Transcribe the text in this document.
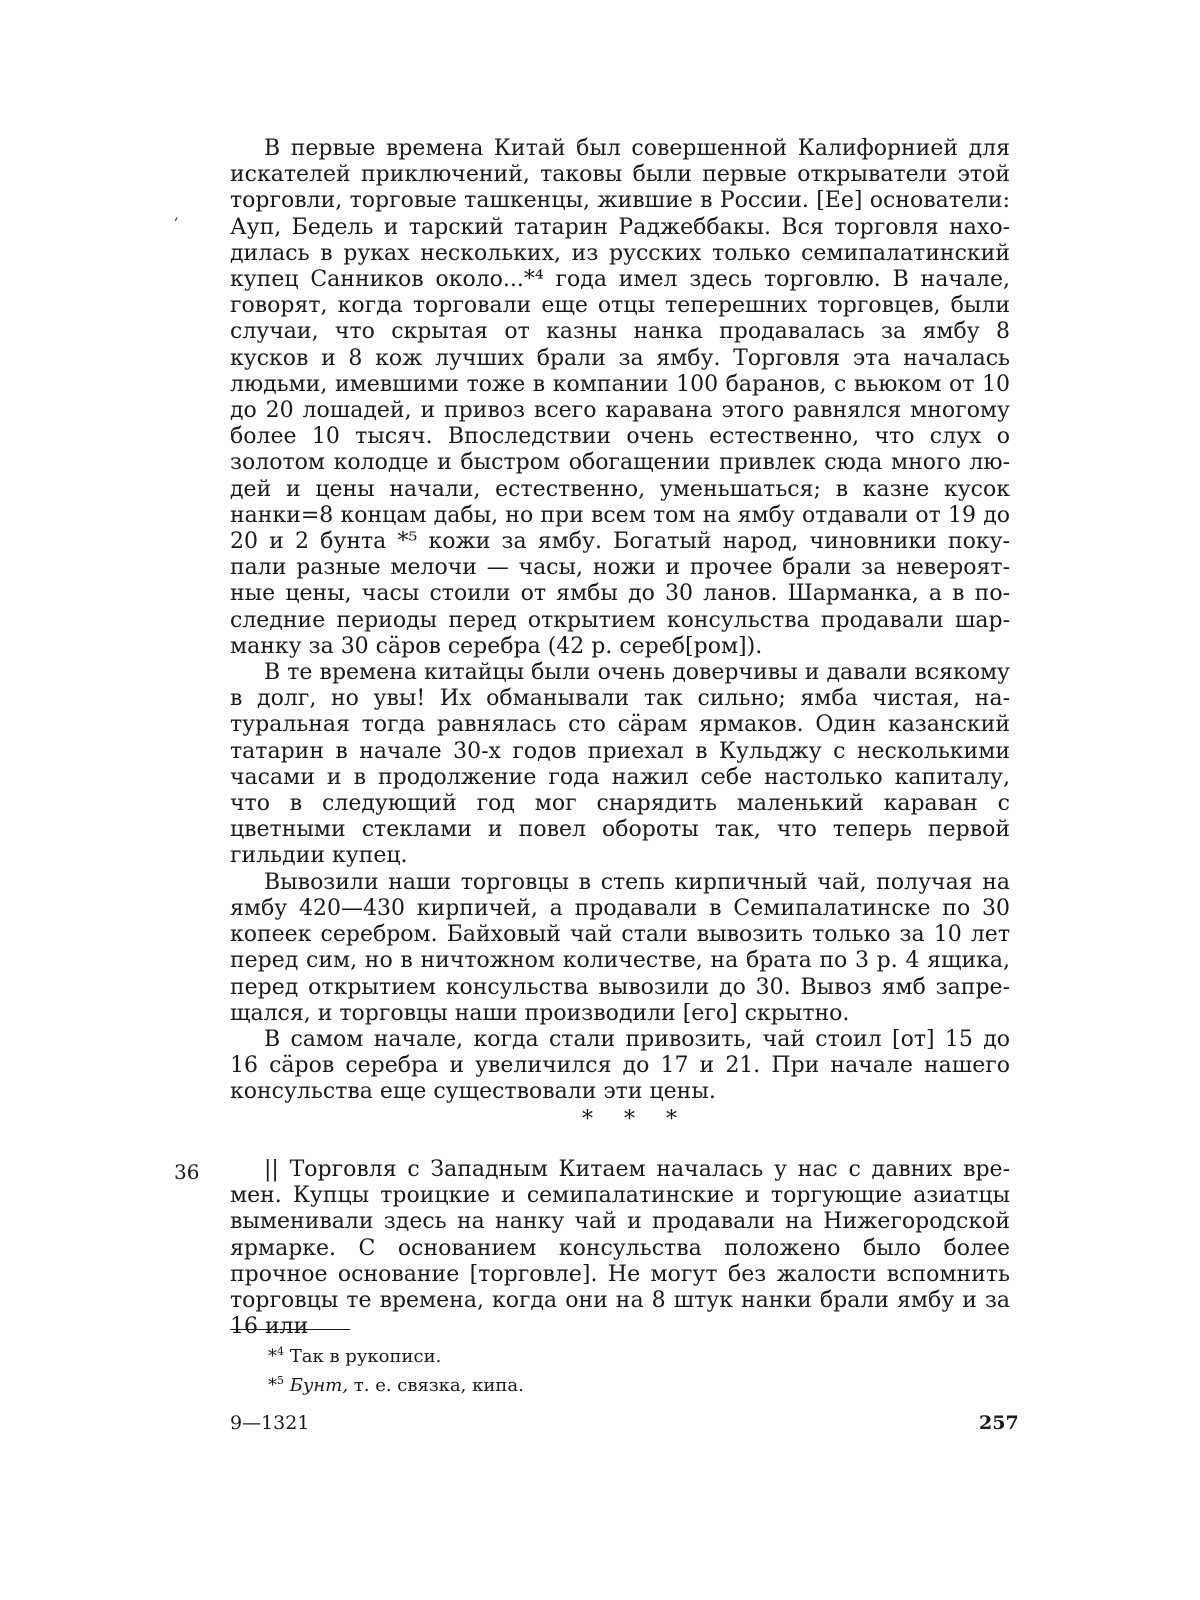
‚

В первые времена Китай был совершенной Калифорнией для искателей приключений, таковы были первые открыватели этой торговли, торговые ташкенцы, жившие в России. [Ее] основатели: Ауп, Бедель и тарский татарин Раджеббакы. Вся торговля находилась в руках нескольких, из русских только семипалатинский купец Санников около...*⁴ года имел здесь торговлю. В начале, говорят, когда торговали еще отцы теперешних торговцев, были случаи, что скрытая от казны нанка продавалась за ямбу 8 кусков и 8 кож лучших брали за ямбу. Торговля эта началась людьми, имевшими тоже в компании 100 баранов, с вьюком от 10 до 20 лошадей, и привоз всего каравана этого равнялся многому более 10 тысяч. Впоследствии очень естественно, что слух о золотом колодце и быстром обогащении привлек сюда много людей и цены начали, естественно, уменьшаться; в казне кусок нанки=8 концам дабы, но при всем том на ямбу отдавали от 19 до 20 и 2 бунта *⁵ кожи за ямбу. Богатый народ, чиновники покупали разные мелочи — часы, ножи и прочее брали за невероятные цены, часы стоили от ямбы до 30 ланов. Шарманка, а в последние периоды перед открытием консульства продавали шарманку за 30 сäров серебра (42 р. сереб[ром]).

В те времена китайцы были очень доверчивы и давали всякому в долг, но увы! Их обманывали так сильно; ямба чистая, натуральная тогда равнялась сто сäрам ярмаков. Один казанский татарин в начале 30-х годов приехал в Кульджу с несколькими часами и в продолжение года нажил себе настолько капиталу, что в следующий год мог снарядить маленький караван с цветными стеклами и повел обороты так, что теперь первой гильдии купец.

Вывозили наши торговцы в степь кирпичный чай, получая на ямбу 420—430 кирпичей, а продавали в Семипалатинске по 30 копеек серебром. Байховый чай стали вывозить только за 10 лет перед сим, но в ничтожном количестве, на брата по 3 р. 4 ящика, перед открытием консульства вывозили до 30. Вывоз ямб запрещался, и торговцы наши производили [его] скрытно.

В самом начале, когда стали привозить, чай стоил [от] 15 до 16 сäров серебра и увеличился до 17 и 21. При начале нашего консульства еще существовали эти цены.

* * *
36	|| Торговля с Западным Китаем началась у нас с давних времен. Купцы троицкие и семипалатинские и торгующие азиатцы выменивали здесь на нанку чай и продавали на Нижегородской ярмарке. С основанием консульства положено было более прочное основание [торговле]. Не могут без жалости вспомнить торговцы те времена, когда они на 8 штук нанки брали ямбу и за 16 или

*$^4$ Так в рукописи.
*$^5$ Бунт, т. е. связка, кипа.
9—1321	257
